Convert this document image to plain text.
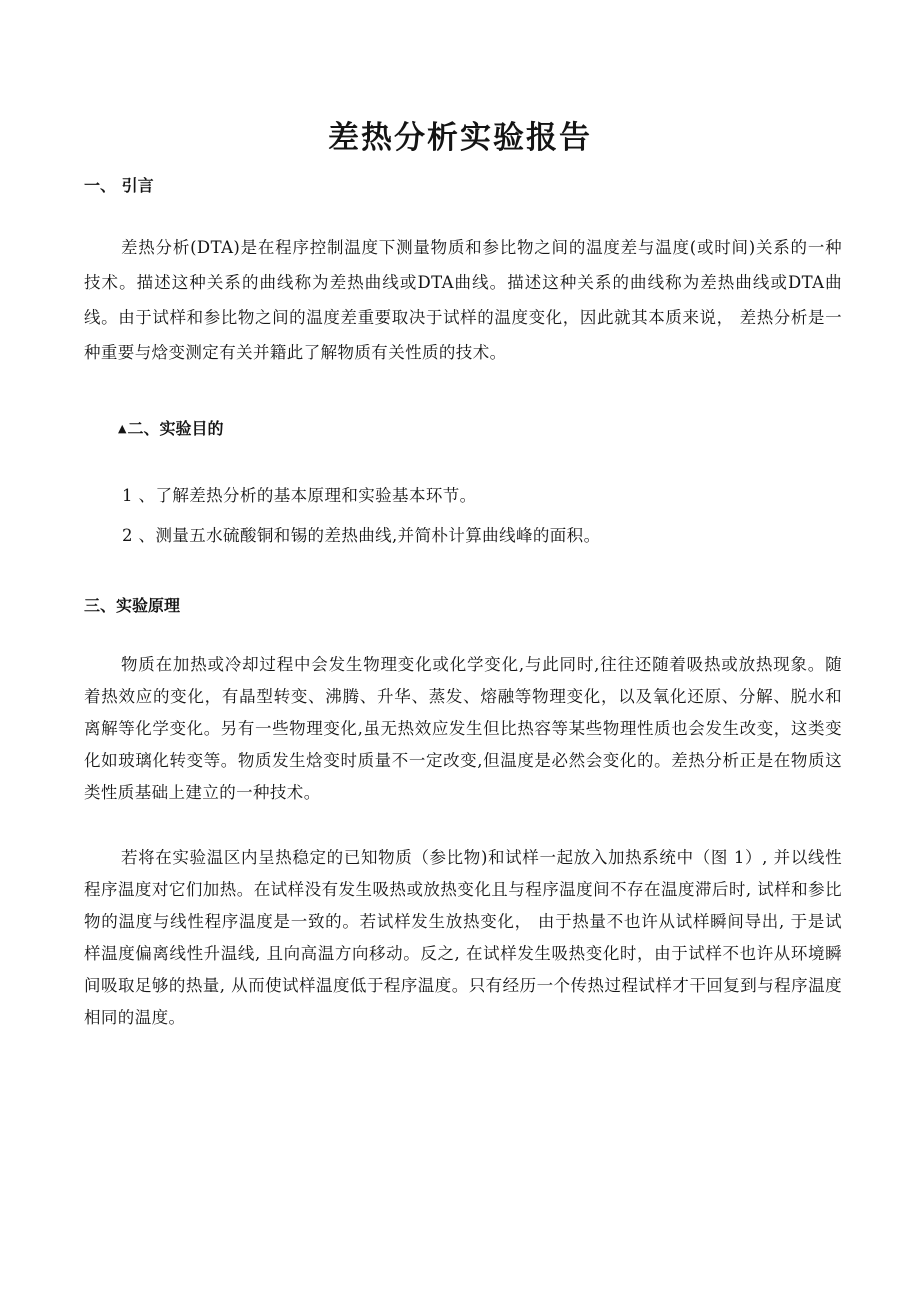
差热分析实验报告
一、 引言

差热分析(DTA)是在程序控制温度下测量物质和参比物之间的温度差与温度(或时间)关系的一种技术。描述这种关系的曲线称为差热曲线或DTA曲线。描述这种关系的曲线称为差热曲线或DTA曲线。由于试样和参比物之间的温度差重要取决于试样的温度变化，因此就其本质来说， 差热分析是一种重要与焓变测定有关并籍此了解物质有关性质的技术。

▲二、实验目的
1 、了解差热分析的基本原理和实验基本环节。
2 、测量五水硫酸铜和锡的差热曲线,并简朴计算曲线峰的面积。
三、实验原理

物质在加热或冷却过程中会发生物理变化或化学变化,与此同时,往往还随着吸热或放热现象。随着热效应的变化，有晶型转变、沸腾、升华、蒸发、熔融等物理变化，以及氧化还原、分解、脱水和离解等化学变化。另有一些物理变化,虽无热效应发生但比热容等某些物理性质也会发生改变，这类变化如玻璃化转变等。物质发生焓变时质量不一定改变,但温度是必然会变化的。差热分析正是在物质这类性质基础上建立的一种技术。

若将在实验温区内呈热稳定的已知物质（参比物)和试样一起放入加热系统中（图 1）, 并以线性程序温度对它们加热。在试样没有发生吸热或放热变化且与程序温度间不存在温度滞后时, 试样和参比物的温度与线性程序温度是一致的。若试样发生放热变化， 由于热量不也许从试样瞬间导出, 于是试样温度偏离线性升温线, 且向高温方向移动。反之, 在试样发生吸热变化时，由于试样不也许从环境瞬间吸取足够的热量, 从而使试样温度低于程序温度。只有经历一个传热过程试样才干回复到与程序温度相同的温度。
